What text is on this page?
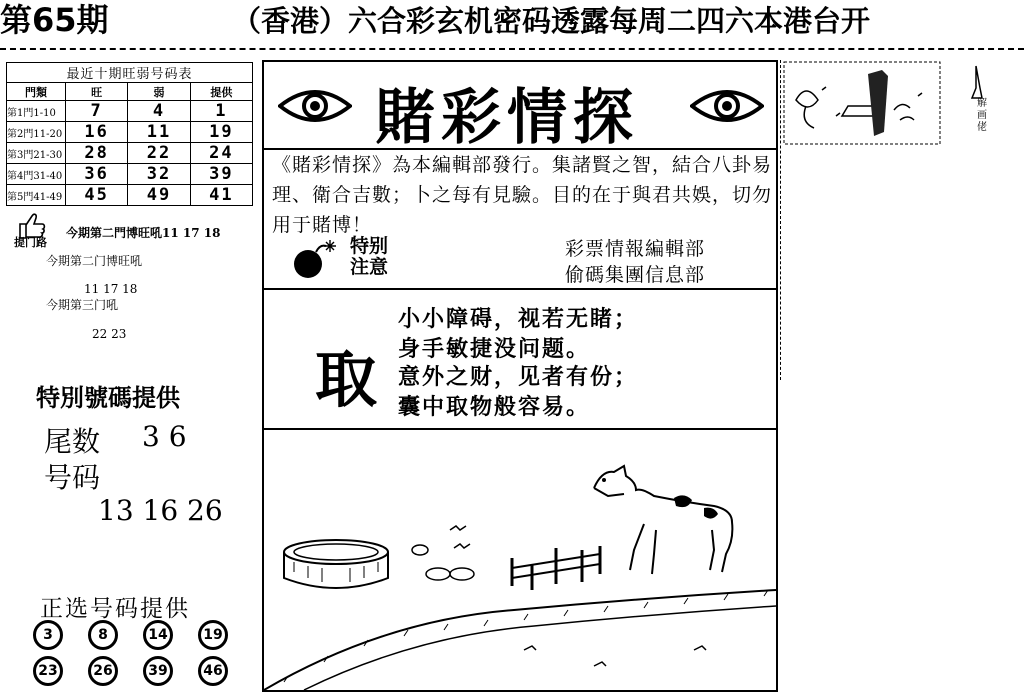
第65期	（香港）六合彩玄机密码透露每周二四六本港台开
最近十期旺弱号码表			
門類	旺	弱	提供
第1門1-10	7	4	1
第2門11-20	16	11	19
第3門21-30	28	22	24
第4門31-40	36	32	39
第5門41-49	45	49	41
提门路
今期第二門博旺吼11 17 18
今期第二门博旺吼
11 17 18
今期第三门吼
22 23
特別號碼提供
尾数 3 6
号码
13 16 26
正选号码提供
3	8	14	19
23	26	39	46
賭彩情探
《賭彩情探》為本編輯部發行。集諸賢之智，結合八卦易理、衛合吉數；卜之每有見驗。目的在于與君共娛，切勿用于賭博！
特别
注意
彩票情報編輯部
偷碼集團信息部
取
小小障碍，视若无睹；
身手敏捷没问题。
意外之财，见者有份；
囊中取物般容易。
解画佬
